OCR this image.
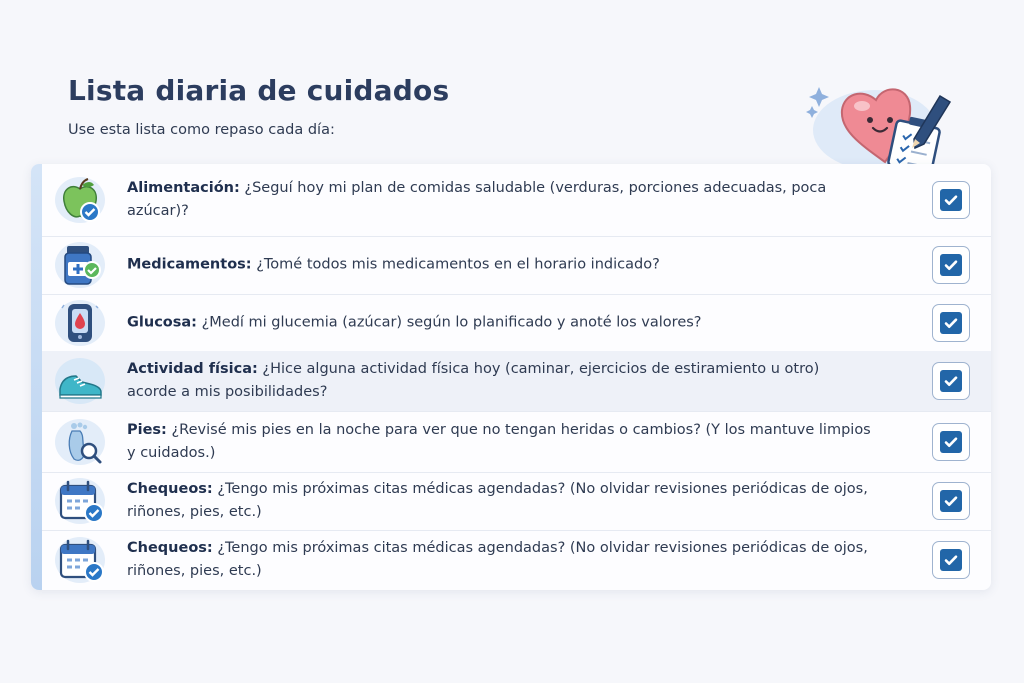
Lista diaria de cuidados
Use esta lista como repaso cada día:
Alimentación: ¿Seguí hoy mi plan de comidas saludable (verduras, porciones adecuadas, poca azúcar)?
Medicamentos: ¿Tomé todos mis medicamentos en el horario indicado?
Glucosa: ¿Medí mi glucemia (azúcar) según lo planificado y anoté los valores?
Actividad física: ¿Hice alguna actividad física hoy (caminar, ejercicios de estiramiento u otro) acorde a mis posibilidades?
Pies: ¿Revisé mis pies en la noche para ver que no tengan heridas o cambios? (Y los mantuve limpios y cuidados.)
Chequeos: ¿Tengo mis próximas citas médicas agendadas? (No olvidar revisiones periódicas de ojos, riñones, pies, etc.)
Chequeos: ¿Tengo mis próximas citas médicas agendadas? (No olvidar revisiones periódicas de ojos, riñones, pies, etc.)
